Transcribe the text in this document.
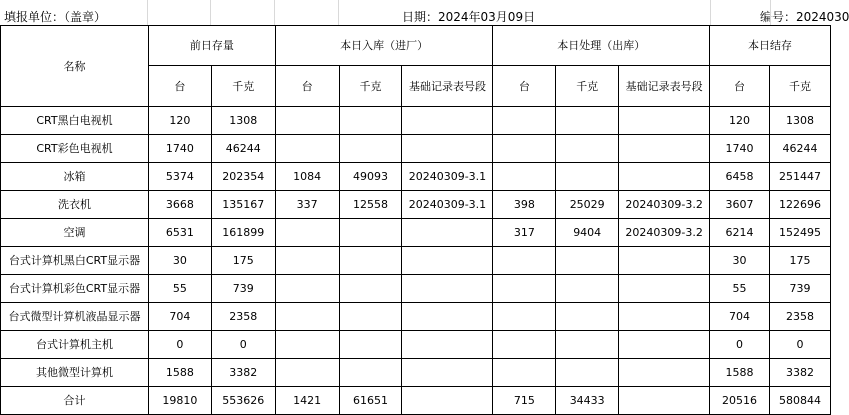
填报单位：（盖章）	日期：2024年03月09日	编号：2024030
名称	前日存量		本日入库（进厂）			本日处理（出库）			本日结存	
	台	千克	台	千克	基础记录表号段	台	千克	基础记录表号段	台	千克
CRT黑白电视机	120	1308							120	1308
CRT彩色电视机	1740	46244							1740	46244
冰箱	5374	202354	1084	49093	20240309-3.1				6458	251447
洗衣机	3668	135167	337	12558	20240309-3.1	398	25029	20240309-3.2	3607	122696
空调	6531	161899				317	9404	20240309-3.2	6214	152495
台式计算机黑白CRT显示器	30	175							30	175
台式计算机彩色CRT显示器	55	739							55	739
台式微型计算机液晶显示器	704	2358							704	2358
台式计算机主机	0	0							0	0
其他微型计算机	1588	3382							1588	3382
合计	19810	553626	1421	61651		715	34433		20516	580844
